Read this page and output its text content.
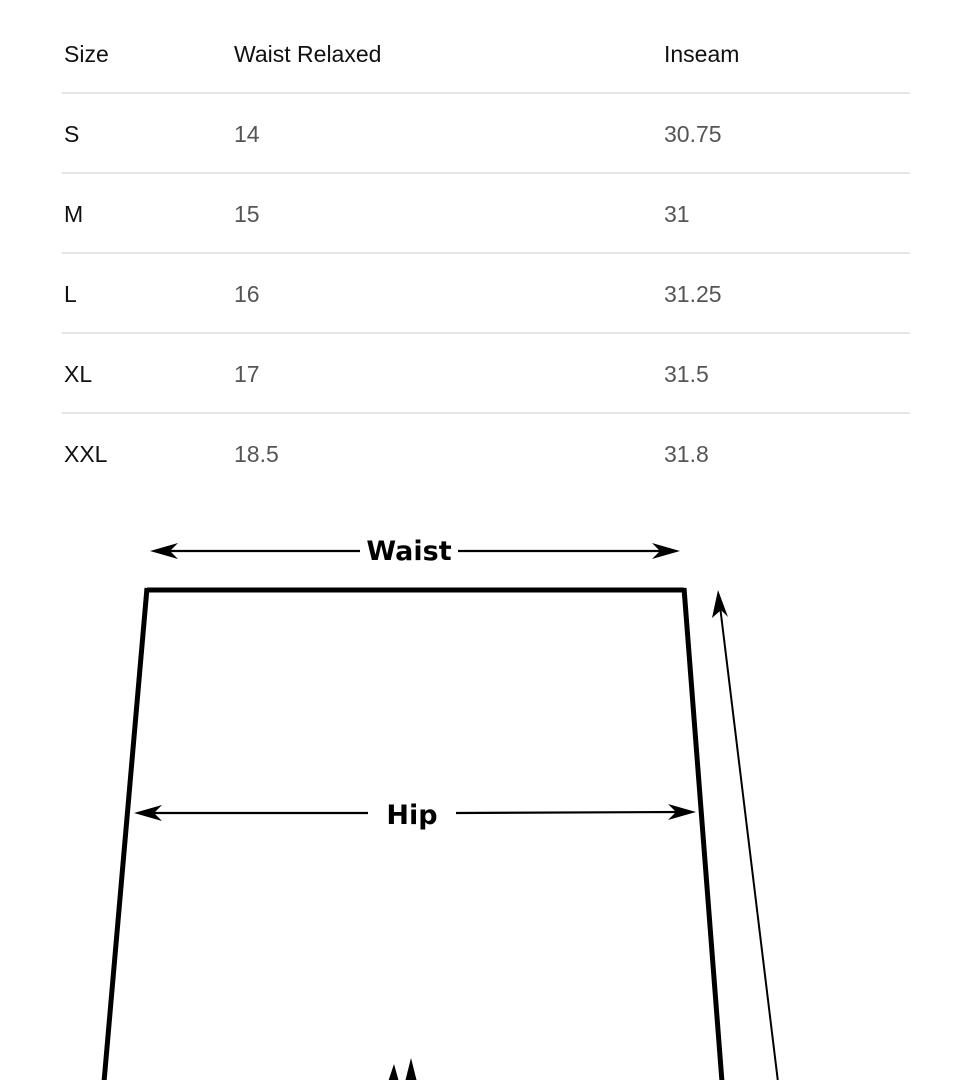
Size	Waist Relaxed	Inseam
S	14	30.75
M	15	31
L	16	31.25
XL	17	31.5
XXL	18.5	31.8
Waist
Hip
